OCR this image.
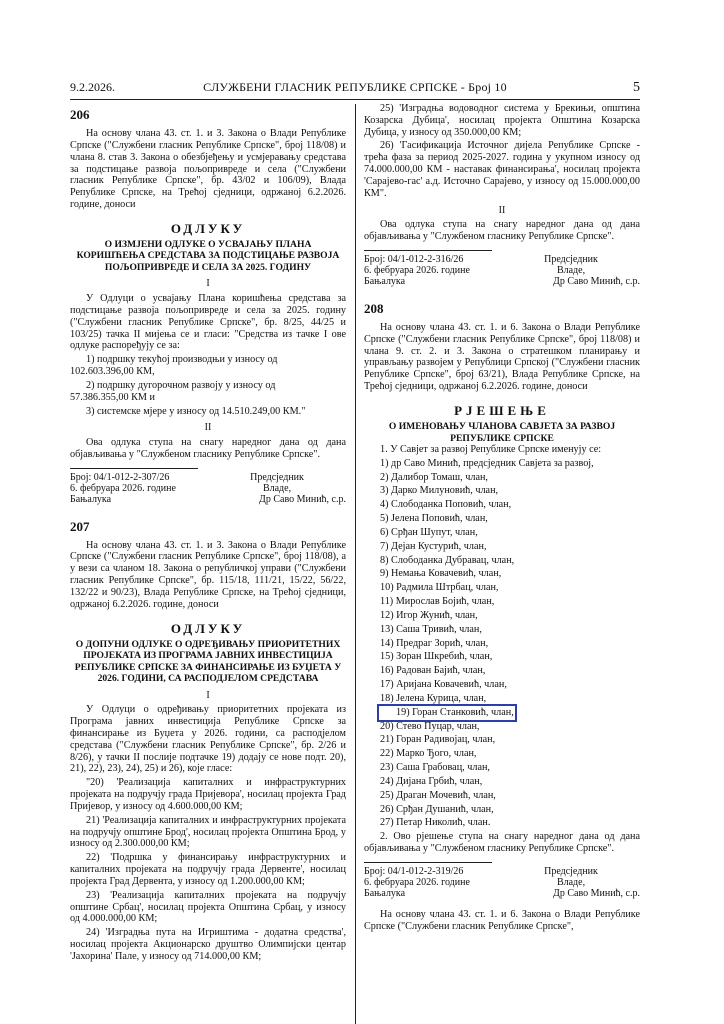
9.2.2026.	СЛУЖБЕНИ ГЛАСНИК РЕПУБЛИКЕ СРПСКЕ - Број 10	5
206

На основу члана 43. ст. 1. и 3. Закона о Влади Републике Српске ("Службени гласник Републике Српске", број 118/08) и члана 8. став 3. Закона о обезбјеђењу и усмјеравању средстава за подстицање развоја пољопривреде и села ("Службени гласник Републике Српске", бр. 43/02 и 106/09), Влада Републике Српске, на Трећој сједници, одржаној 6.2.2026. године, доноси

ОДЛУКУ

О ИЗМЈЕНИ ОДЛУКЕ О УСВАЈАЊУ ПЛАНА КОРИШЋЕЊА СРЕДСТАВА ЗА ПОДСТИЦАЊЕ РАЗВОЈА ПОЉОПРИВРЕДЕ И СЕЛА ЗА 2025. ГОДИНУ

I

У Одлуци о усвајању Плана коришћења средстава за подстицање развоја пољопривреде и села за 2025. годину ("Службени гласник Републике Српске", бр. 8/25, 44/25 и 103/25) тачка II мијења се и гласи: "Средства из тачке I ове одлуке распоређују се за:

1) подршку текућој производњи у износу од
102.603.396,00 КМ,

2) подршку дугорочном развоју у износу од
57.386.355,00 КМ и

3) системске мјере у износу од 14.510.249,00 КМ."

II

Ова одлука ступа на снагу наредног дана од дана објављивања у "Службеном гласнику Републике Српске".

Број: 04/1-012-2-307/26	Предсједник
6. фебруара 2026. године	Владе,
Бањалука	Др Саво Минић, с.р.
207

На основу члана 43. ст. 1. и 3. Закона о Влади Републике Српске ("Службени гласник Републике Српске", број 118/08), а у вези са чланом 18. Закона о републичкој управи ("Службени гласник Републике Српске", бр. 115/18, 111/21, 15/22, 56/22, 132/22 и 90/23), Влада Републике Српске, на Трећој сједници, одржаној 6.2.2026. године, доноси

ОДЛУКУ

О ДОПУНИ ОДЛУКЕ О ОДРЕЂИВАЊУ ПРИОРИТЕТНИХ ПРОЈЕКАТА ИЗ ПРОГРАМА ЈАВНИХ ИНВЕСТИЦИЈА РЕПУБЛИКЕ СРПСКЕ ЗА ФИНАНСИРАЊЕ ИЗ БУЏЕТА У 2026. ГОДИНИ, СА РАСПОДЈЕЛОМ СРЕДСТАВА

I

У Одлуци о одређивању приоритетних пројеката из Програма јавних инвестиција Републике Српске за финансирање из Буџета у 2026. години, са расподјелом средстава ("Службени гласник Републике Српске", бр. 2/26 и 8/26), у тачки II послије подтачке 19) додају се нове подт. 20), 21), 22), 23), 24), 25) и 26), које гласе:

"20) 'Реализација капиталних и инфраструктурних пројеката на подручју града Пријевора', носилац пројекта Град Пријевор, у износу од 4.600.000,00 КМ;

21) 'Реализација капиталних и инфраструктурних пројеката на подручју општине Брод', носилац пројекта Општина Брод, у износу од 2.300.000,00 КМ;

22) 'Подршка у финансирању инфраструктурних и капиталних пројеката на подручју града Дервенте', носилац пројекта Град Дервента, у износу од 1.200.000,00 КМ;

23) 'Реализација капиталних пројеката на подручју општине Србац', носилац пројекта Општина Србац, у износу од 4.000.000,00 КМ;

24) 'Изградња пута на Игриштима - додатна средства', носилац пројекта Акционарско друштво Олимпијски центар 'Јахорина' Пале, у износу од 714.000,00 КМ;

25) 'Изградња водоводног система у Брекињи, општина Козарска Дубица', носилац пројекта Општина Козарска Дубица, у износу од 350.000,00 КМ;

26) 'Гасификација Источног дијела Републике Српске - трећа фаза за период 2025-2027. година у укупном износу од 74.000.000,00 КМ - наставак финансирања', носилац пројекта 'Сарајево-гас' а.д. Источно Сарајево, у износу од 15.000.000,00 КМ".

II

Ова одлука ступа на снагу наредног дана од дана објављивања у "Службеном гласнику Републике Српске".

Број: 04/1-012-2-316/26	Предсједник
6. фебруара 2026. године	Владе,
Бањалука	Др Саво Минић, с.р.
208

На основу члана 43. ст. 1. и 6. Закона о Влади Републике Српске ("Службени гласник Републике Српске", број 118/08) и члана 9. ст. 2. и 3. Закона о стратешком планирању и управљању развојем у Републици Српској ("Службени гласник Републике Српске", број 63/21), Влада Републике Српске, на Трећој сједници, одржаној 6.2.2026. године, доноси

РЈЕШЕЊЕ

О ИМЕНОВАЊУ ЧЛАНОВА САВЈЕТА ЗА РАЗВОЈ РЕПУБЛИКЕ СРПСКЕ

1. У Савјет за развој Републике Српске именују се:

1) др Саво Минић, предсједник Савјета за развој,

2) Далибор Томаш, члан,

3) Дарко Милуновић, члан,

4) Слободанка Поповић, члан,

5) Јелена Поповић, члан,

6) Срђан Шупут, члан,

7) Дејан Кустурић, члан,

8) Слободанка Дубравац, члан,

9) Немања Ковачевић, члан,

10) Радмила Штрбац, члан,

11) Мирослав Бојић, члан,

12) Игор Жунић, члан,

13) Саша Тривић, члан,

14) Предраг Зорић, члан,

15) Зоран Шкребић, члан,

16) Радован Бајић, члан,

17) Аријана Ковачевић, члан,

18) Јелена Курица, члан,

19) Горан Станковић, члан,

20) Стево Пуцар, члан,

21) Горан Радивојац, члан,

22) Марко Ђого, члан,

23) Саша Грабовац, члан,

24) Дијана Грбић, члан,

25) Драган Мочевић, члан,

26) Срђан Душанић, члан,

27) Петар Николић, члан.

2. Ово рјешење ступа на снагу наредног дана од дана објављивања у "Службеном гласнику Републике Српске".

Број: 04/1-012-2-319/26	Предсједник
6. фебруара 2026. године	Владе,
Бањалука	Др Саво Минић, с.р.

На основу члана 43. ст. 1. и 6. Закона о Влади Републике Српске ("Службени гласник Републике Српске",
